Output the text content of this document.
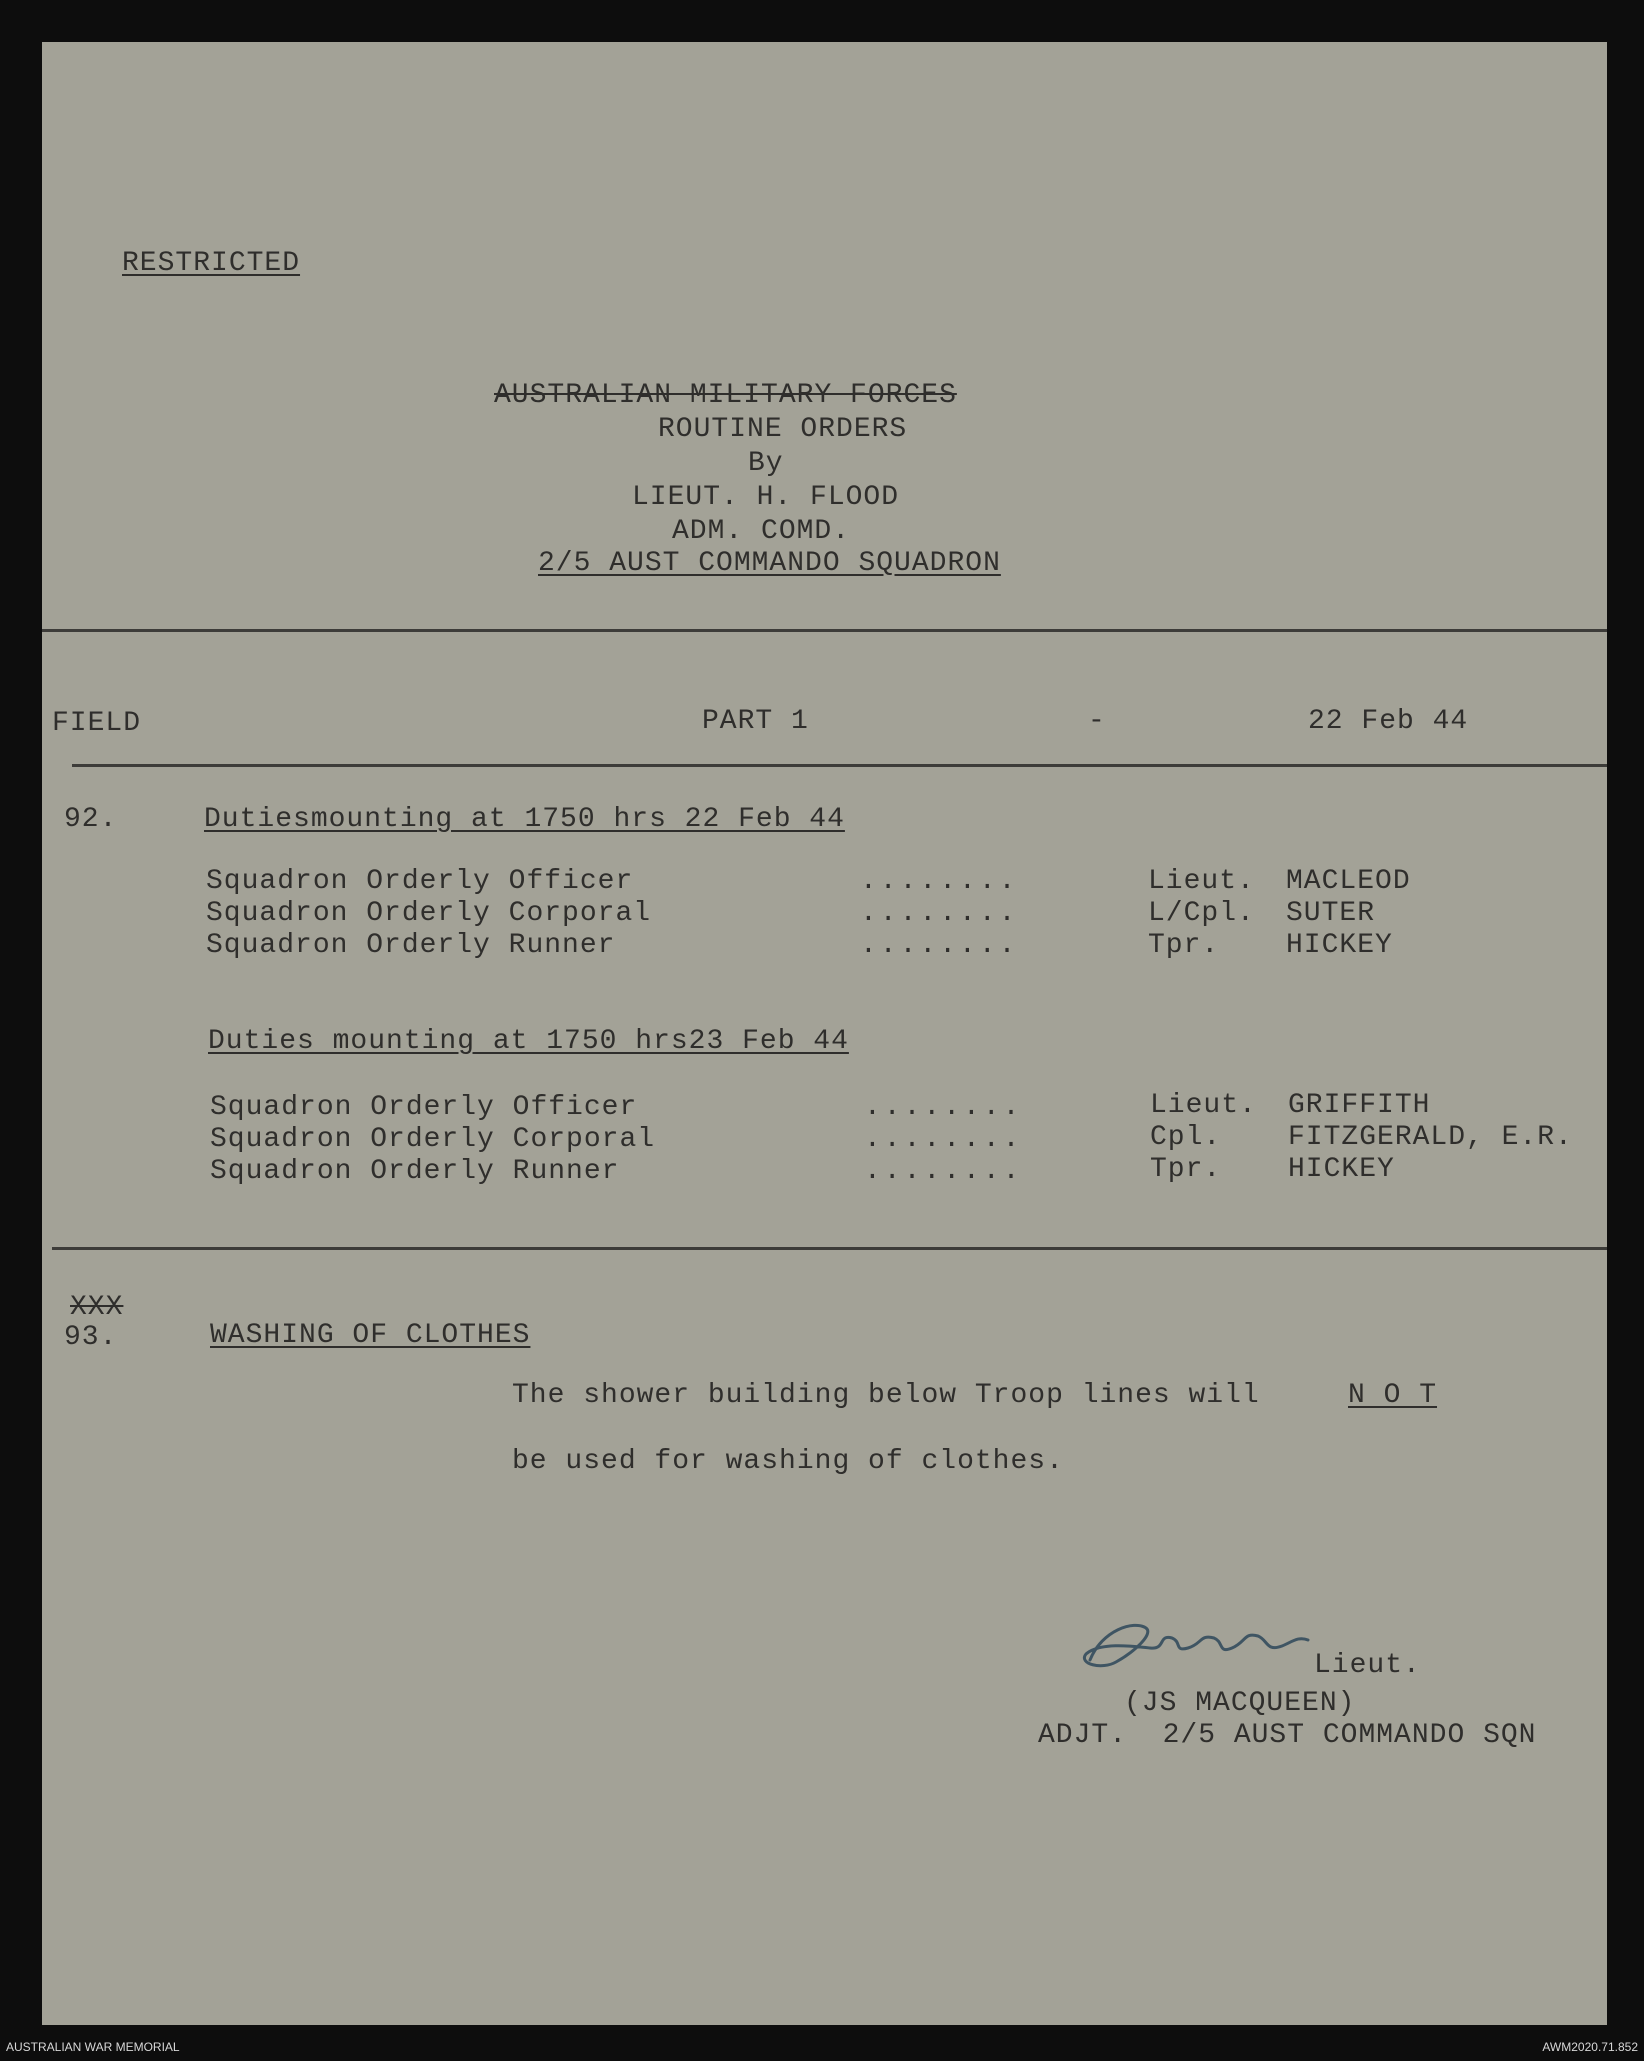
RESTRICTED
AUSTRALIAN MILITARY FORCES
ROUTINE ORDERS
By
LIEUT. H. FLOOD
ADM. COMD.
2/5 AUST COMMANDO SQUADRON
FIELD	PART 1	-	22 Feb 44
92.	Dutiesmounting at 1750 hrs 22 Feb 44
Squadron Orderly Officer	........	Lieut. MACLEOD
Squadron Orderly Corporal	........	L/Cpl. SUTER
Squadron Orderly Runner	........	Tpr. HICKEY
Duties mounting at 1750 hrs23 Feb 44
Squadron Orderly Officer	........	Lieut. GRIFFITH
Squadron Orderly Corporal	........	Cpl. FITZGERALD, E.R.
Squadron Orderly Runner	........	Tpr. HICKEY
XXX
93.	WASHING OF CLOTHES
The shower building below Troop lines will	N O T
be used for washing of clothes.
Lieut.
(JS MACQUEEN)
ADJT.  2/5 AUST COMMANDO SQN
AUSTRALIAN WAR MEMORIAL	AWM2020.71.852
